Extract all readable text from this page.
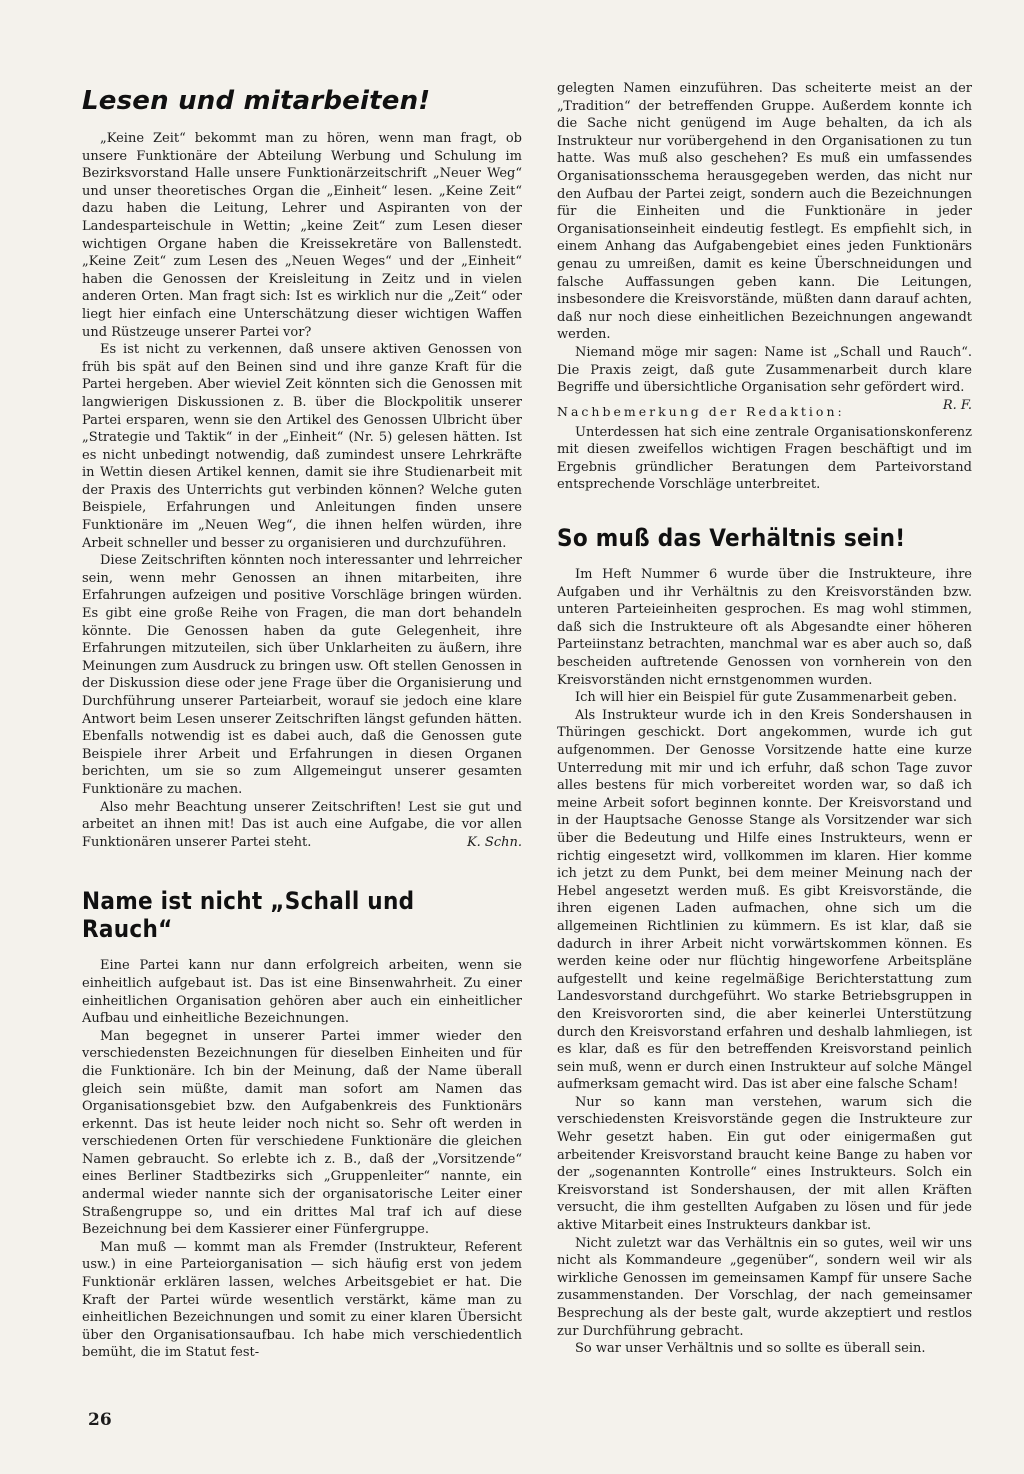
Lesen und mitarbeiten!

„Keine Zeit“ bekommt man zu hören, wenn man fragt, ob unsere Funktionäre der Abteilung Werbung und Schulung im Bezirksvorstand Halle unsere Funktionärzeitschrift „Neuer Weg“ und unser theoretisches Organ die „Einheit“ lesen. „Keine Zeit“ dazu haben die Leitung, Lehrer und Aspiranten von der Landesparteischule in Wettin; „keine Zeit“ zum Lesen dieser wichtigen Organe haben die Kreissekretäre von Ballenstedt. „Keine Zeit“ zum Lesen des „Neuen Weges“ und der „Einheit“ haben die Genossen der Kreisleitung in Zeitz und in vielen anderen Orten. Man fragt sich: Ist es wirklich nur die „Zeit“ oder liegt hier einfach eine Unterschätzung dieser wichtigen Waffen und Rüstzeuge unserer Partei vor?

Es ist nicht zu verkennen, daß unsere aktiven Genossen von früh bis spät auf den Beinen sind und ihre ganze Kraft für die Partei hergeben. Aber wieviel Zeit könnten sich die Genossen mit langwierigen Diskussionen z. B. über die Blockpolitik unserer Partei ersparen, wenn sie den Artikel des Genossen Ulbricht über „Strategie und Taktik“ in der „Einheit“ (Nr. 5) gelesen hätten. Ist es nicht unbedingt notwendig, daß zumindest unsere Lehrkräfte in Wettin diesen Artikel kennen, damit sie ihre Studienarbeit mit der Praxis des Unterrichts gut verbinden können? Welche guten Beispiele, Erfahrungen und Anleitungen finden unsere Funktionäre im „Neuen Weg“, die ihnen helfen würden, ihre Arbeit schneller und besser zu organisieren und durchzuführen.

Diese Zeitschriften könnten noch interessanter und lehrreicher sein, wenn mehr Genossen an ihnen mitarbeiten, ihre Erfahrungen aufzeigen und positive Vorschläge bringen würden. Es gibt eine große Reihe von Fragen, die man dort behandeln könnte. Die Genossen haben da gute Gelegenheit, ihre Erfahrungen mitzuteilen, sich über Unklarheiten zu äußern, ihre Meinungen zum Ausdruck zu bringen usw. Oft stellen Genossen in der Diskussion diese oder jene Frage über die Organisierung und Durchführung unserer Parteiarbeit, worauf sie jedoch eine klare Antwort beim Lesen unserer Zeitschriften längst gefunden hätten. Ebenfalls notwendig ist es dabei auch, daß die Genossen gute Beispiele ihrer Arbeit und Erfahrungen in diesen Organen berichten, um sie so zum Allgemeingut unserer gesamten Funktionäre zu machen.

Also mehr Beachtung unserer Zeitschriften! Lest sie gut und arbeitet an ihnen mit! Das ist auch eine Aufgabe, die vor allen Funktionären unserer Partei steht.	K. Schn.

Name ist nicht „Schall und Rauch“

Eine Partei kann nur dann erfolgreich arbeiten, wenn sie einheitlich aufgebaut ist. Das ist eine Binsenwahrheit. Zu einer einheitlichen Organisation gehören aber auch ein einheitlicher Aufbau und einheitliche Bezeichnungen.

Man begegnet in unserer Partei immer wieder den verschiedensten Bezeichnungen für dieselben Einheiten und für die Funktionäre. Ich bin der Meinung, daß der Name überall gleich sein müßte, damit man sofort am Namen das Organisationsgebiet bzw. den Aufgabenkreis des Funktionärs erkennt. Das ist heute leider noch nicht so. Sehr oft werden in verschiedenen Orten für verschiedene Funktionäre die gleichen Namen gebraucht. So erlebte ich z. B., daß der „Vorsitzende“ eines Berliner Stadtbezirks sich „Gruppenleiter“ nannte, ein andermal wieder nannte sich der organisatorische Leiter einer Straßengruppe so, und ein drittes Mal traf ich auf diese Bezeichnung bei dem Kassierer einer Fünfergruppe.

Man muß — kommt man als Fremder (Instrukteur, Referent usw.) in eine Parteiorganisation — sich häufig erst von jedem Funktionär erklären lassen, welches Arbeitsgebiet er hat. Die Kraft der Partei würde wesentlich verstärkt, käme man zu einheitlichen Bezeichnungen und somit zu einer klaren Übersicht über den Organisationsaufbau. Ich habe mich verschiedentlich bemüht, die im Statut fest-

gelegten Namen einzuführen. Das scheiterte meist an der „Tradition“ der betreffenden Gruppe. Außerdem konnte ich die Sache nicht genügend im Auge behalten, da ich als Instrukteur nur vorübergehend in den Organisationen zu tun hatte. Was muß also geschehen? Es muß ein umfassendes Organisationsschema herausgegeben werden, das nicht nur den Aufbau der Partei zeigt, sondern auch die Bezeichnungen für die Einheiten und die Funktionäre in jeder Organisationseinheit eindeutig festlegt. Es empfiehlt sich, in einem Anhang das Aufgabengebiet eines jeden Funktionärs genau zu umreißen, damit es keine Überschneidungen und falsche Auffassungen geben kann. Die Leitungen, insbesondere die Kreisvorstände, müßten dann darauf achten, daß nur noch diese einheitlichen Bezeichnungen angewandt werden.

Niemand möge mir sagen: Name ist „Schall und Rauch“. Die Praxis zeigt, daß gute Zusammenarbeit durch klare Begriffe und übersichtliche Organisation sehr gefördert wird.
R. F.

Nachbemerkung der Redaktion:

Unterdessen hat sich eine zentrale Organisationskonferenz mit diesen zweifellos wichtigen Fragen beschäftigt und im Ergebnis gründlicher Beratungen dem Parteivorstand entsprechende Vorschläge unterbreitet.

So muß das Verhältnis sein!

Im Heft Nummer 6 wurde über die Instrukteure, ihre Aufgaben und ihr Verhältnis zu den Kreisvorständen bzw. unteren Parteieinheiten gesprochen. Es mag wohl stimmen, daß sich die Instrukteure oft als Abgesandte einer höheren Parteiinstanz betrachten, manchmal war es aber auch so, daß bescheiden auftretende Genossen von vornherein von den Kreisvorständen nicht ernstgenommen wurden.

Ich will hier ein Beispiel für gute Zusammenarbeit geben.

Als Instrukteur wurde ich in den Kreis Sondershausen in Thüringen geschickt. Dort angekommen, wurde ich gut aufgenommen. Der Genosse Vorsitzende hatte eine kurze Unterredung mit mir und ich erfuhr, daß schon Tage zuvor alles bestens für mich vorbereitet worden war, so daß ich meine Arbeit sofort beginnen konnte. Der Kreisvorstand und in der Hauptsache Genosse Stange als Vorsitzender war sich über die Bedeutung und Hilfe eines Instrukteurs, wenn er richtig eingesetzt wird, vollkommen im klaren. Hier komme ich jetzt zu dem Punkt, bei dem meiner Meinung nach der Hebel angesetzt werden muß. Es gibt Kreisvorstände, die ihren eigenen Laden aufmachen, ohne sich um die allgemeinen Richtlinien zu kümmern. Es ist klar, daß sie dadurch in ihrer Arbeit nicht vorwärtskommen können. Es werden keine oder nur flüchtig hingeworfene Arbeitspläne aufgestellt und keine regelmäßige Berichterstattung zum Landesvorstand durchgeführt. Wo starke Betriebsgruppen in den Kreisvororten sind, die aber keinerlei Unterstützung durch den Kreisvorstand erfahren und deshalb lahmliegen, ist es klar, daß es für den betreffenden Kreisvorstand peinlich sein muß, wenn er durch einen Instrukteur auf solche Mängel aufmerksam gemacht wird. Das ist aber eine falsche Scham!

Nur so kann man verstehen, warum sich die verschiedensten Kreisvorstände gegen die Instrukteure zur Wehr gesetzt haben. Ein gut oder einigermaßen gut arbeitender Kreisvorstand braucht keine Bange zu haben vor der „sogenannten Kontrolle“ eines Instrukteurs. Solch ein Kreisvorstand ist Sondershausen, der mit allen Kräften versucht, die ihm gestellten Aufgaben zu lösen und für jede aktive Mitarbeit eines Instrukteurs dankbar ist.

Nicht zuletzt war das Verhältnis ein so gutes, weil wir uns nicht als Kommandeure „gegenüber“, sondern weil wir als wirkliche Genossen im gemeinsamen Kampf für unsere Sache zusammenstanden. Der Vorschlag, der nach gemeinsamer Besprechung als der beste galt, wurde akzeptiert und restlos zur Durchführung gebracht.

So war unser Verhältnis und so sollte es überall sein.

26
